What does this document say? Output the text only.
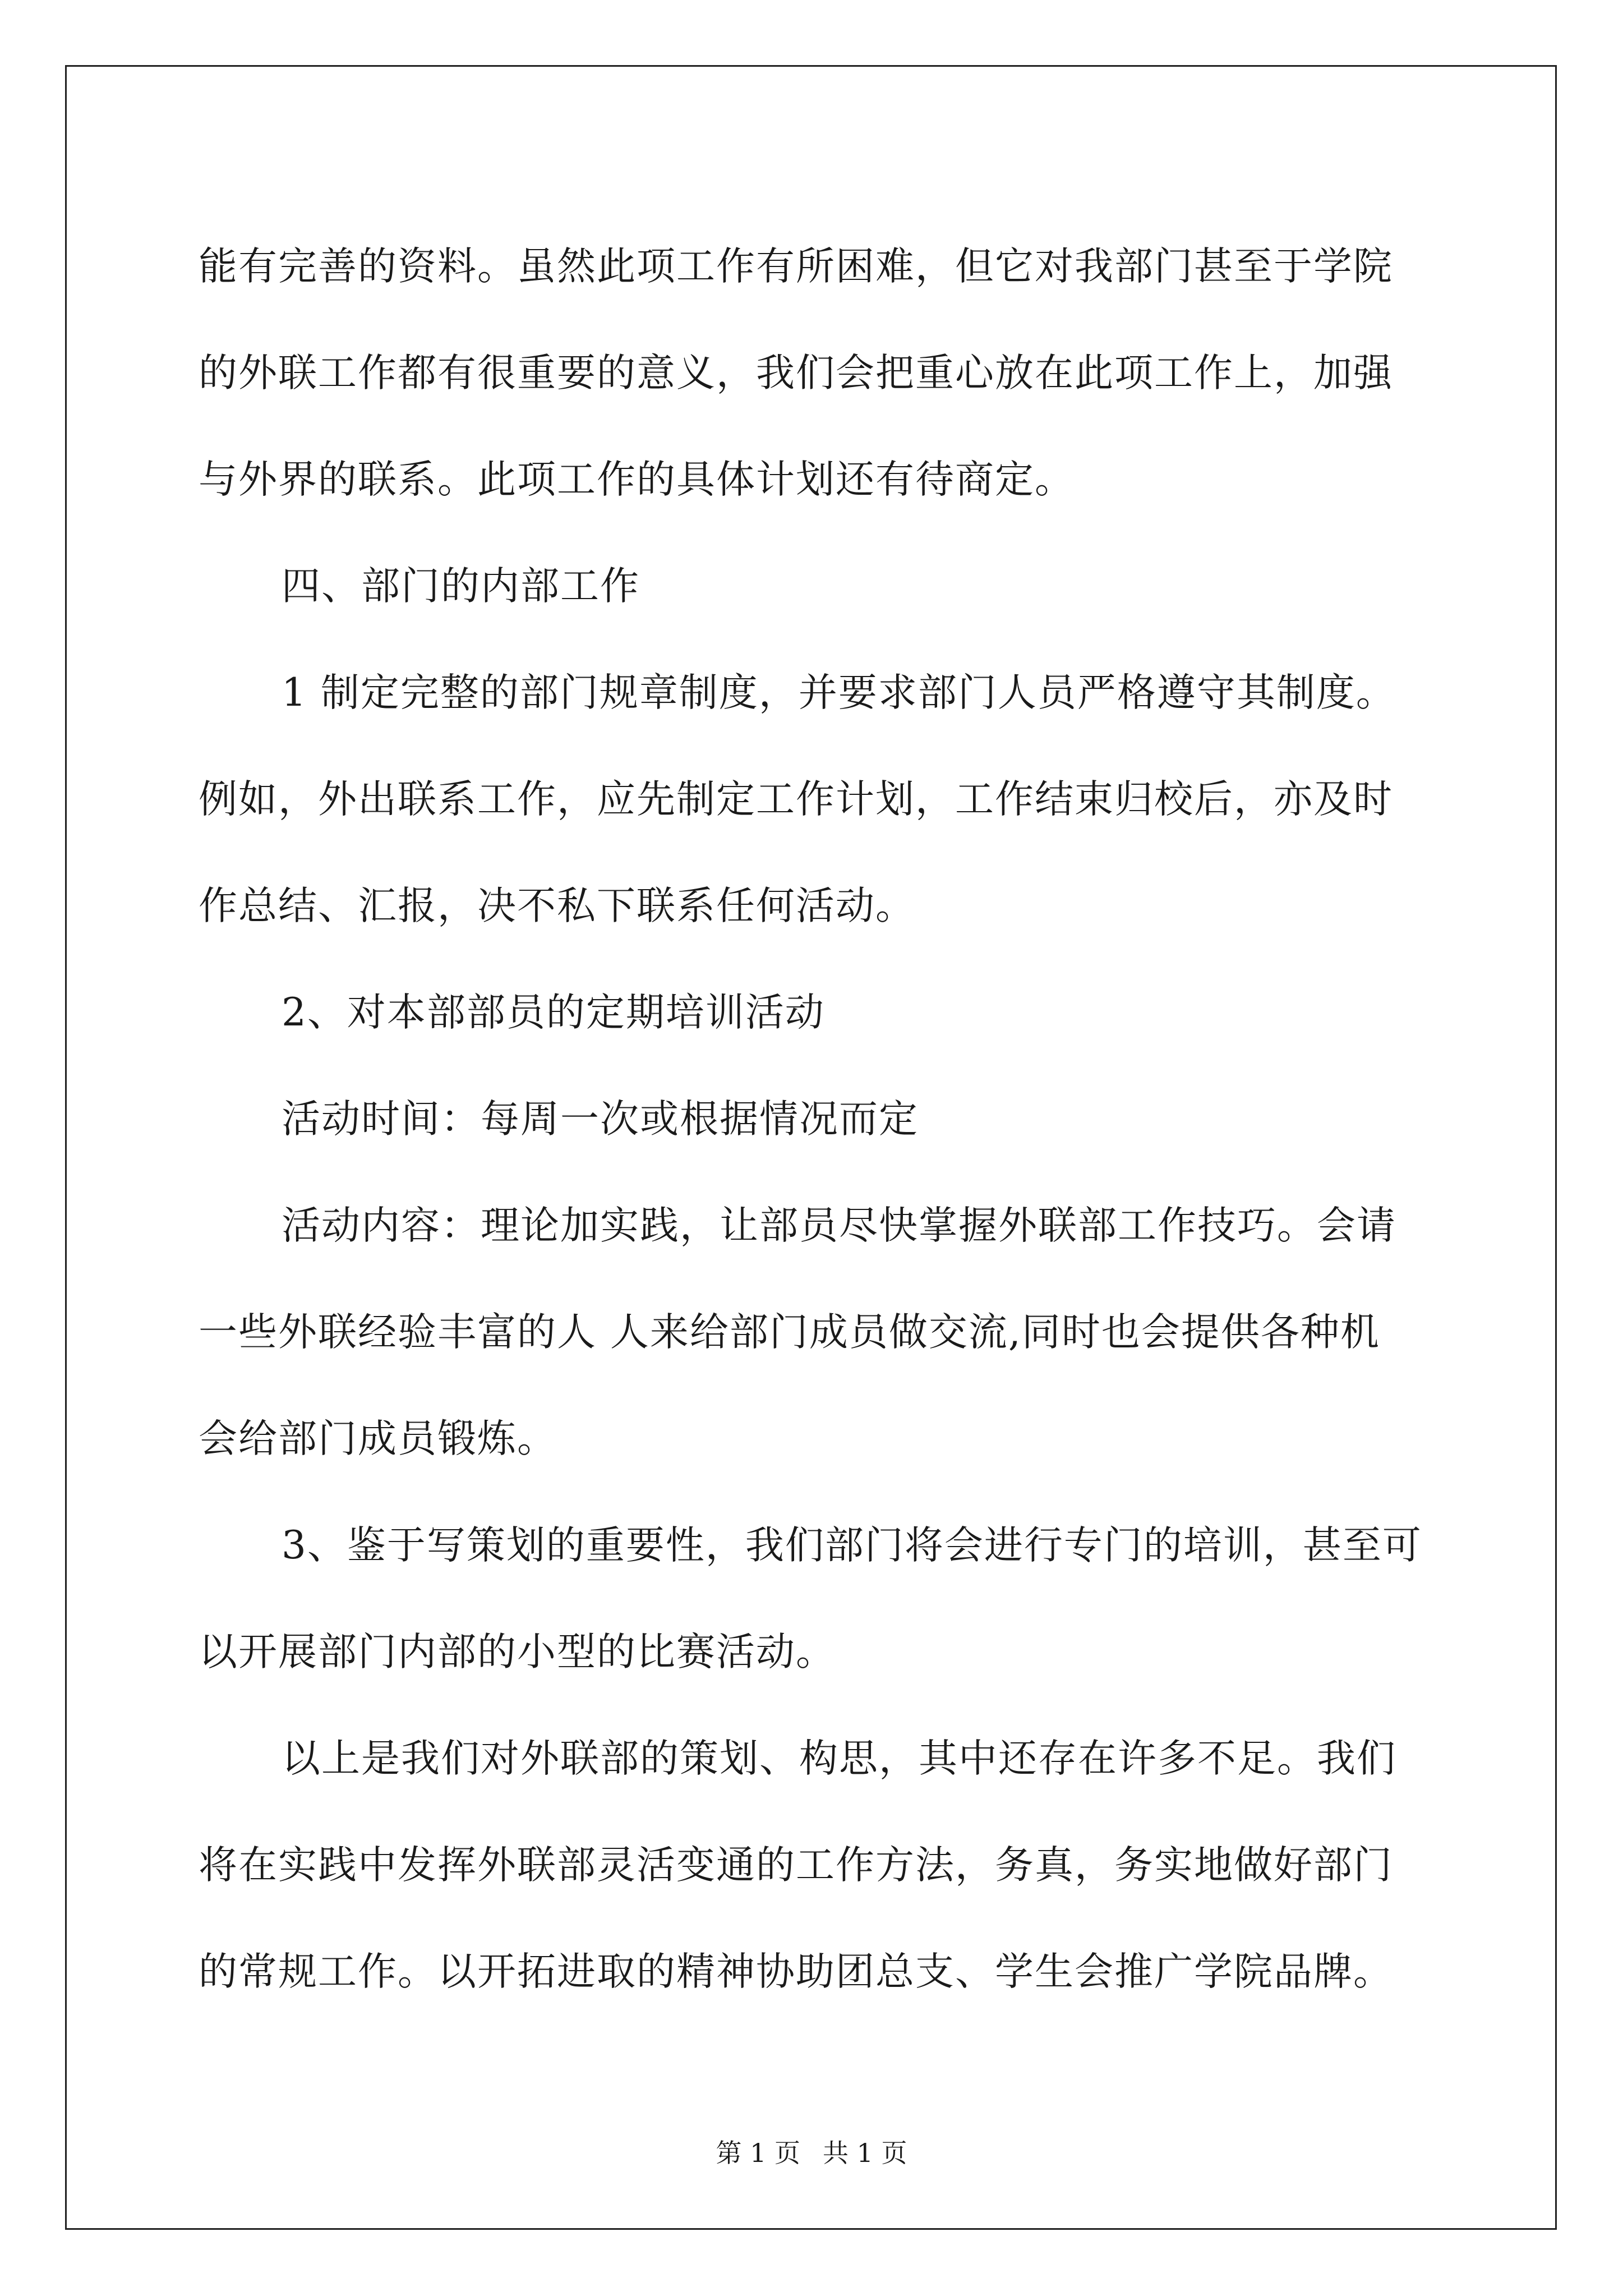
能有完善的资料。虽然此项工作有所困难，但它对我部门甚至于学院

的外联工作都有很重要的意义，我们会把重心放在此项工作上，加强

与外界的联系。此项工作的具体计划还有待商定。

四、部门的内部工作

1 制定完整的部门规章制度，并要求部门人员严格遵守其制度。

例如，外出联系工作，应先制定工作计划，工作结束归校后，亦及时

作总结、汇报，决不私下联系任何活动。

2、对本部部员的定期培训活动

活动时间：每周一次或根据情况而定

活动内容：理论加实践，让部员尽快掌握外联部工作技巧。会请

一些外联经验丰富的人 人来给部门成员做交流,同时也会提供各种机

会给部门成员锻炼。

3、鉴于写策划的重要性，我们部门将会进行专门的培训，甚至可

以开展部门内部的小型的比赛活动。

以上是我们对外联部的策划、构思，其中还存在许多不足。我们

将在实践中发挥外联部灵活变通的工作方法，务真，务实地做好部门

的常规工作。以开拓进取的精神协助团总支、学生会推广学院品牌。

第 1 页 共 1 页
